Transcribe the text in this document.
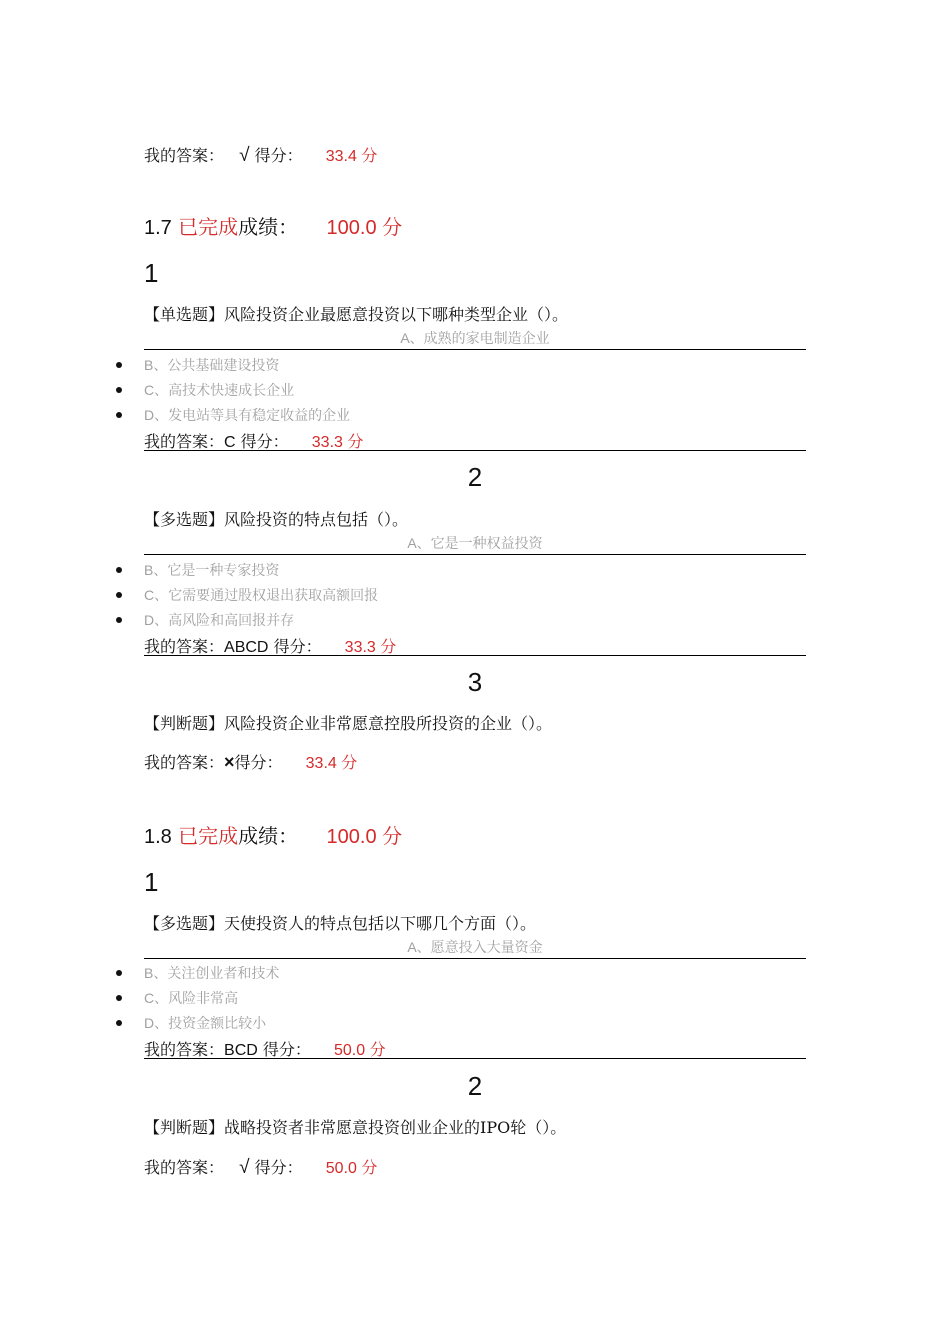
我的答案： √ 得分： 33.4 分
1.7 已完成成绩： 100.0 分
1
【单选题】风险投资企业最愿意投资以下哪种类型企业（）。
A、成熟的家电制造企业
B、公共基础建设投资
C、高技术快速成长企业
D、发电站等具有稳定收益的企业
我的答案：C 得分： 33.3 分
2
【多选题】风险投资的特点包括（）。
A、它是一种权益投资
B、它是一种专家投资
C、它需要通过股权退出获取高额回报
D、高风险和高回报并存
我的答案：ABCD 得分： 33.3 分
3
【判断题】风险投资企业非常愿意控股所投资的企业（）。
我的答案：×得分： 33.4 分
1.8 已完成成绩： 100.0 分
1
【多选题】天使投资人的特点包括以下哪几个方面（）。
A、愿意投入大量资金
B、关注创业者和技术
C、风险非常高
D、投资金额比较小
我的答案：BCD 得分： 50.0 分
2
【判断题】战略投资者非常愿意投资创业企业的IPO轮（）。
我的答案： √ 得分： 50.0 分
